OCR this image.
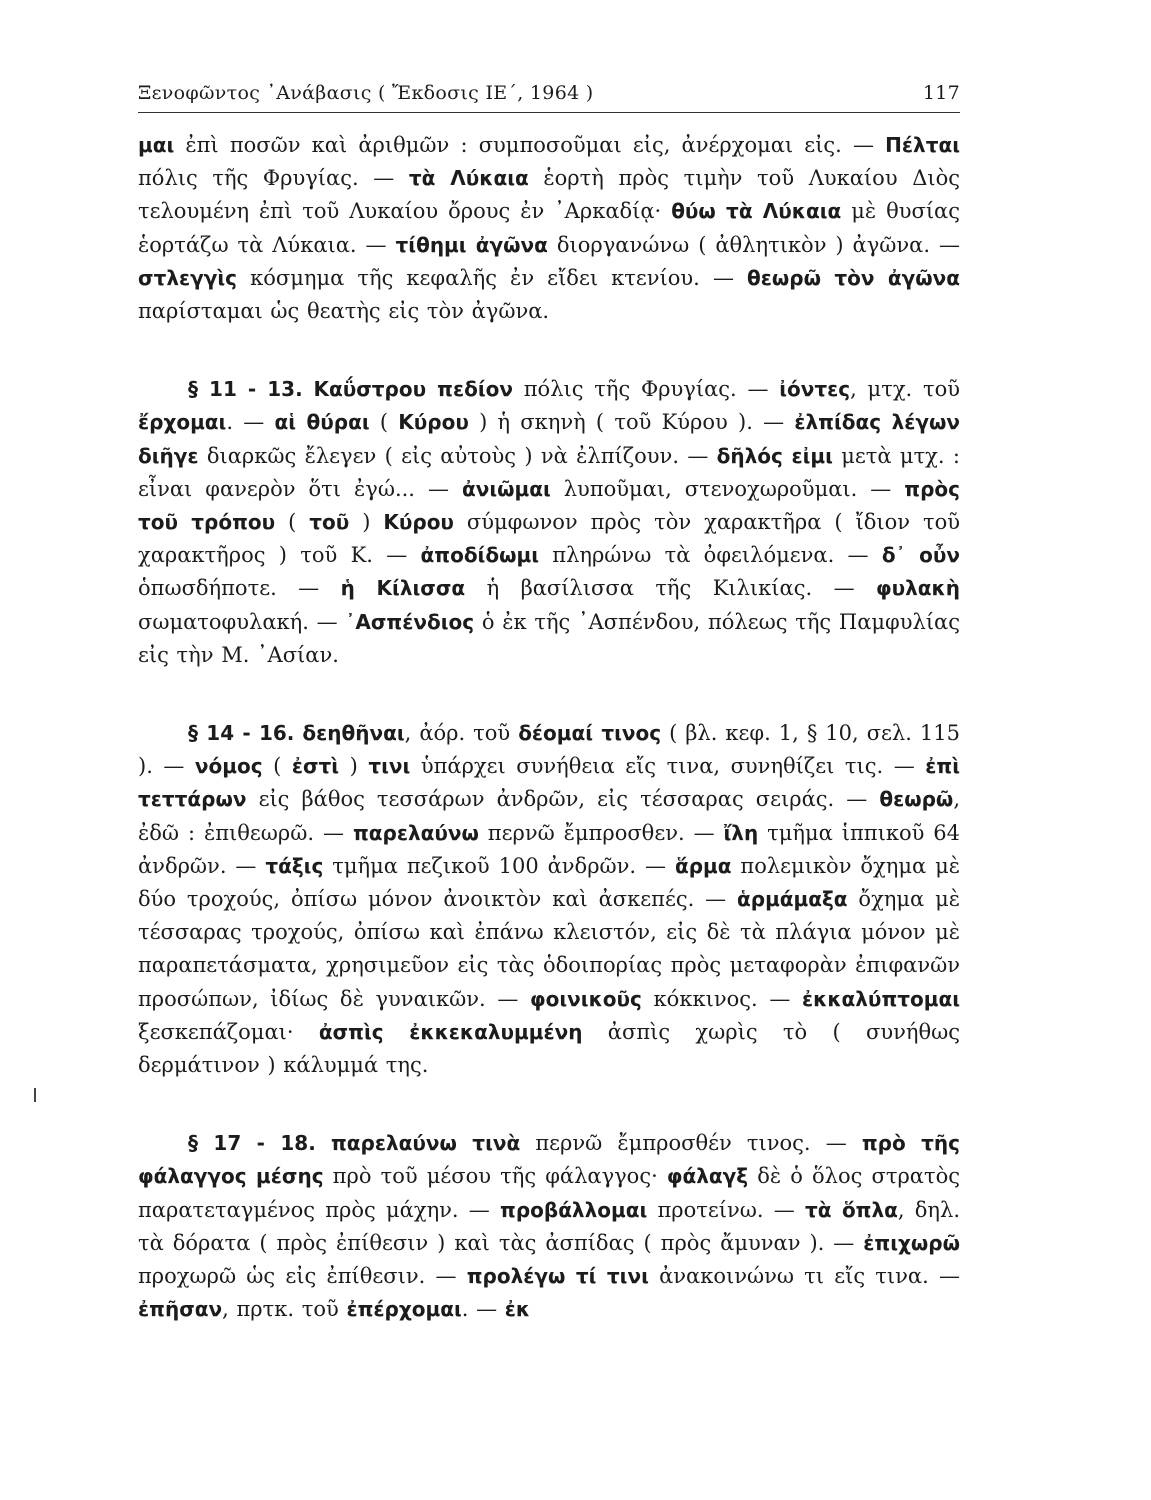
Ξενοφῶντος ᾿Ανάβασις ( Ἔκδοσις ΙΕ΄, 1964 )	117

μαι ἐπὶ ποσῶν καὶ ἀριθμῶν : συμποσοῦμαι εἰς, ἀνέρχομαι εἰς. — Πέλται πόλις τῆς Φρυγίας. — τὰ Λύκαια ἑορτὴ πρὸς τιμὴν τοῦ Λυκαίου Διὸς τελουμένη ἐπὶ τοῦ Λυκαίου ὄρους ἐν ᾿Αρκαδίᾳ· θύω τὰ Λύκαια μὲ θυσίας ἑορτάζω τὰ Λύκαια. — τίθημι ἀγῶνα διοργανώνω ( ἀθλητικὸν ) ἀγῶνα. — στλεγγὶς κόσμημα τῆς κεφαλῆς ἐν εἴδει κτενίου. — θεωρῶ τὸν ἀγῶνα παρίσταμαι ὡς θεατὴς εἰς τὸν ἀγῶνα.

§ 11 - 13. Καΰστρου πεδίον πόλις τῆς Φρυγίας. — ἰόντες, μτχ. τοῦ ἔρχομαι. — αἱ θύραι ( Κύρου ) ἡ σκηνὴ ( τοῦ Κύρου ). — ἐλπίδας λέγων διῆγε διαρκῶς ἔλεγεν ( εἰς αὐτοὺς ) νὰ ἐλπίζουν. — δῆλός εἰμι μετὰ μτχ. : εἶναι φανερὸν ὅτι ἐγώ... — ἀνιῶμαι λυποῦμαι, στενοχωροῦμαι. — πρὸς τοῦ τρόπου ( τοῦ ) Κύρου σύμφωνον πρὸς τὸν χαρακτῆρα ( ἴδιον τοῦ χαρακτῆρος ) τοῦ Κ. — ἀποδίδωμι πληρώνω τὰ ὀφειλόμενα. — δ᾿ οὖν ὁπωσδήποτε. — ἡ Κίλισσα ἡ βασίλισσα τῆς Κιλικίας. — φυλακὴ σωματοφυλακή. — ᾿Ασπένδιος ὁ ἐκ τῆς ᾿Ασπένδου, πόλεως τῆς Παμφυλίας εἰς τὴν Μ. ᾿Ασίαν.

§ 14 - 16. δεηθῆναι, ἀόρ. τοῦ δέομαί τινος ( βλ. κεφ. 1, § 10, σελ. 115 ). — νόμος ( ἐστὶ ) τινι ὑπάρχει συνήθεια εἴς τινα, συνηθίζει τις. — ἐπὶ τεττάρων εἰς βάθος τεσσάρων ἀνδρῶν, εἰς τέσσαρας σειράς. — θεωρῶ, ἐδῶ : ἐπιθεωρῶ. — παρελαύνω περνῶ ἔμπροσθεν. — ἴλη τμῆμα ἱππικοῦ 64 ἀνδρῶν. — τάξις τμῆμα πεζικοῦ 100 ἀνδρῶν. — ἅρμα πολεμικὸν ὄχημα μὲ δύο τροχούς, ὀπίσω μόνον ἀνοικτὸν καὶ ἀσκεπές. — ἁρμάμαξα ὄχημα μὲ τέσσαρας τροχούς, ὀπίσω καὶ ἐπάνω κλειστόν, εἰς δὲ τὰ πλάγια μόνον μὲ παραπετάσματα, χρησιμεῦον εἰς τὰς ὁδοιπορίας πρὸς μεταφορὰν ἐπιφανῶν προσώπων, ἰδίως δὲ γυναικῶν. — φοινικοῦς κόκκινος. — ἐκκαλύπτομαι ξεσκεπάζομαι· ἀσπὶς ἐκκεκαλυμμένη ἀσπὶς χωρὶς τὸ ( συνήθως δερμάτινον ) κάλυμμά της.

§ 17 - 18. παρελαύνω τινὰ περνῶ ἔμπροσθέν τινος. — πρὸ τῆς φάλαγγος μέσης πρὸ τοῦ μέσου τῆς φάλαγγος· φάλαγξ δὲ ὁ ὅλος στρατὸς παρατεταγμένος πρὸς μάχην. — προβάλλομαι προτείνω. — τὰ ὅπλα, δηλ. τὰ δόρατα ( πρὸς ἐπίθεσιν ) καὶ τὰς ἀσπίδας ( πρὸς ἄμυναν ). — ἐπιχωρῶ προχωρῶ ὡς εἰς ἐπίθεσιν. — προλέγω τί τινι ἀνακοινώνω τι εἴς τινα. — ἐπῆσαν, πρτκ. τοῦ ἐπέρχομαι. — ἐκ
